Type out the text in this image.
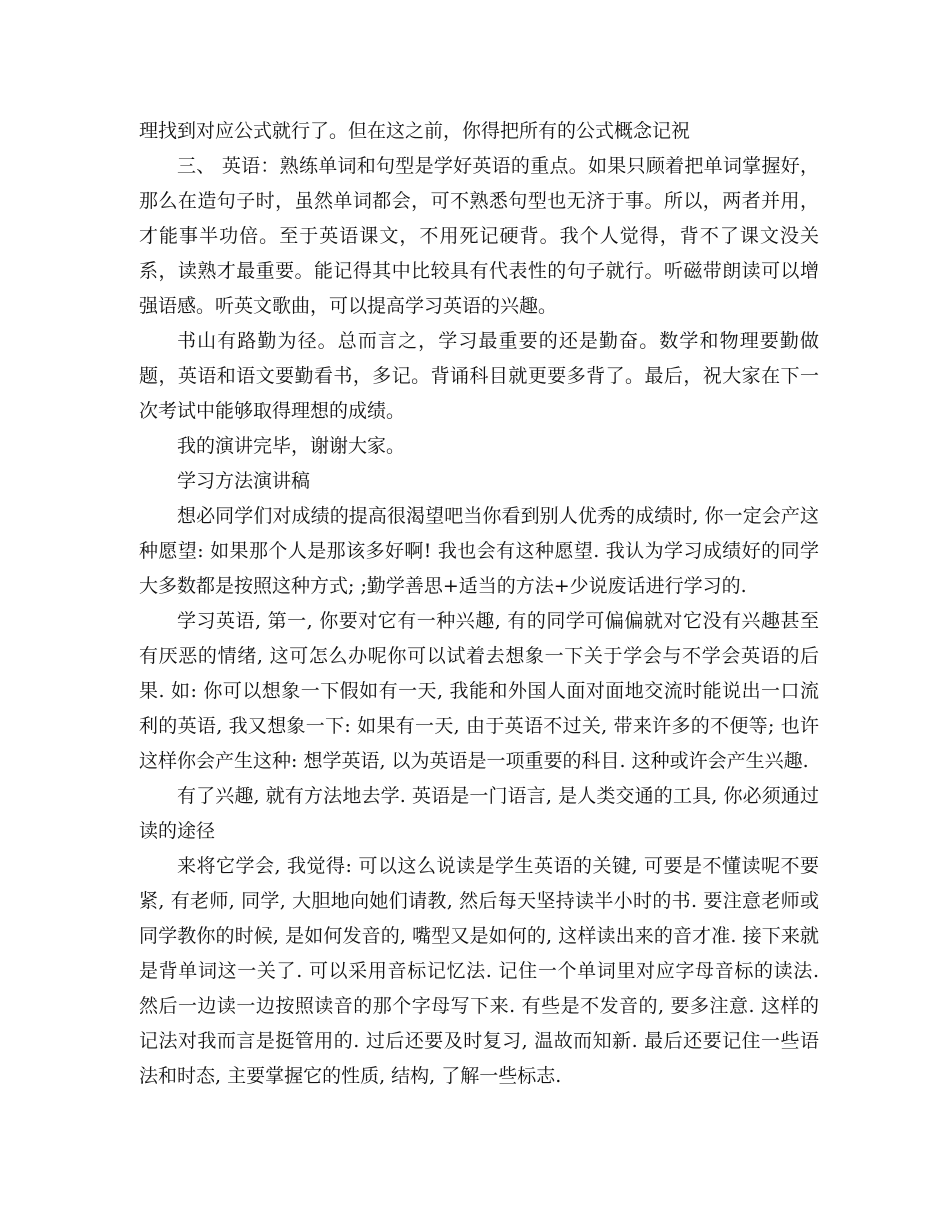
理找到对应公式就行了。但在这之前，你得把所有的公式概念记祝

三、 英语：熟练单词和句型是学好英语的重点。如果只顾着把单词掌握好，那么在造句子时，虽然单词都会，可不熟悉句型也无济于事。所以，两者并用，才能事半功倍。至于英语课文，不用死记硬背。我个人觉得，背不了课文没关系，读熟才最重要。能记得其中比较具有代表性的句子就行。听磁带朗读可以增强语感。听英文歌曲，可以提高学习英语的兴趣。

书山有路勤为径。总而言之，学习最重要的还是勤奋。数学和物理要勤做题，英语和语文要勤看书，多记。背诵科目就更要多背了。最后，祝大家在下一次考试中能够取得理想的成绩。

我的演讲完毕，谢谢大家。

学习方法演讲稿

想必同学们对成绩的提高很渴望吧当你看到别人优秀的成绩时, 你一定会产这种愿望: 如果那个人是那该多好啊! 我也会有这种愿望. 我认为学习成绩好的同学大多数都是按照这种方式; ;勤学善思+适当的方法+少说废话进行学习的.

学习英语, 第一, 你要对它有一种兴趣, 有的同学可偏偏就对它没有兴趣甚至有厌恶的情绪, 这可怎么办呢你可以试着去想象一下关于学会与不学会英语的后果. 如: 你可以想象一下假如有一天, 我能和外国人面对面地交流时能说出一口流利的英语, 我又想象一下: 如果有一天, 由于英语不过关, 带来许多的不便等; 也许这样你会产生这种: 想学英语, 以为英语是一项重要的科目. 这种或许会产生兴趣.

有了兴趣, 就有方法地去学. 英语是一门语言, 是人类交通的工具, 你必须通过读的途径

来将它学会, 我觉得: 可以这么说读是学生英语的关键, 可要是不懂读呢不要紧, 有老师, 同学, 大胆地向她们请教, 然后每天坚持读半小时的书. 要注意老师或同学教你的时候, 是如何发音的, 嘴型又是如何的, 这样读出来的音才准. 接下来就是背单词这一关了. 可以采用音标记忆法. 记住一个单词里对应字母音标的读法. 然后一边读一边按照读音的那个字母写下来. 有些是不发音的, 要多注意. 这样的记法对我而言是挺管用的. 过后还要及时复习, 温故而知新. 最后还要记住一些语法和时态, 主要掌握它的性质, 结构, 了解一些标志.
